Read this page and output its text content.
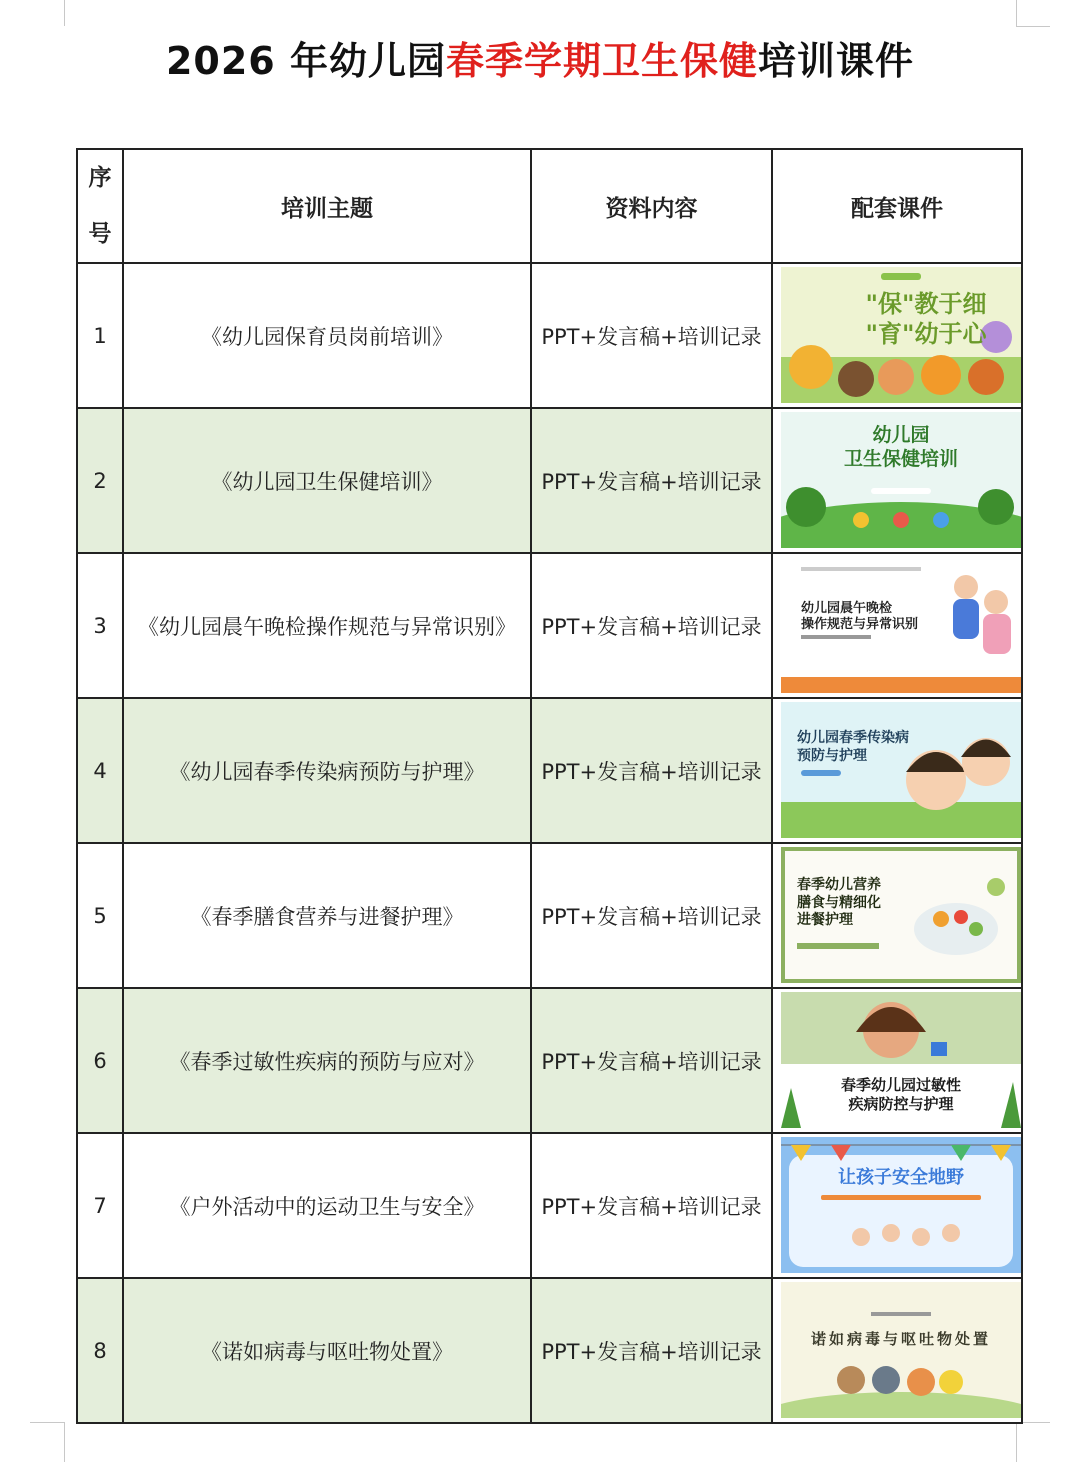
2026 年幼儿园春季学期卫生保健培训课件
序
号	培训主题	资料内容	配套课件
1	《幼儿园保育员岗前培训》	PPT+发言稿+培训记录	"保"教于细
"育"幼于心

2	《幼儿园卫生保健培训》	PPT+发言稿+培训记录	幼儿园
卫生保健培训

3	《幼儿园晨午晚检操作规范与异常识别》	PPT+发言稿+培训记录	幼儿园晨午晚检
操作规范与异常识别

4	《幼儿园春季传染病预防与护理》	PPT+发言稿+培训记录	幼儿园春季传染病
预防与护理

5	《春季膳食营养与进餐护理》	PPT+发言稿+培训记录	春季幼儿营养
膳食与精细化
进餐护理

6	《春季过敏性疾病的预防与应对》	PPT+发言稿+培训记录	春季幼儿园过敏性
疾病防控与护理

7	《户外活动中的运动卫生与安全》	PPT+发言稿+培训记录	让孩子安全地野

8	《诺如病毒与呕吐物处置》	PPT+发言稿+培训记录	诺如病毒与呕吐物处置
